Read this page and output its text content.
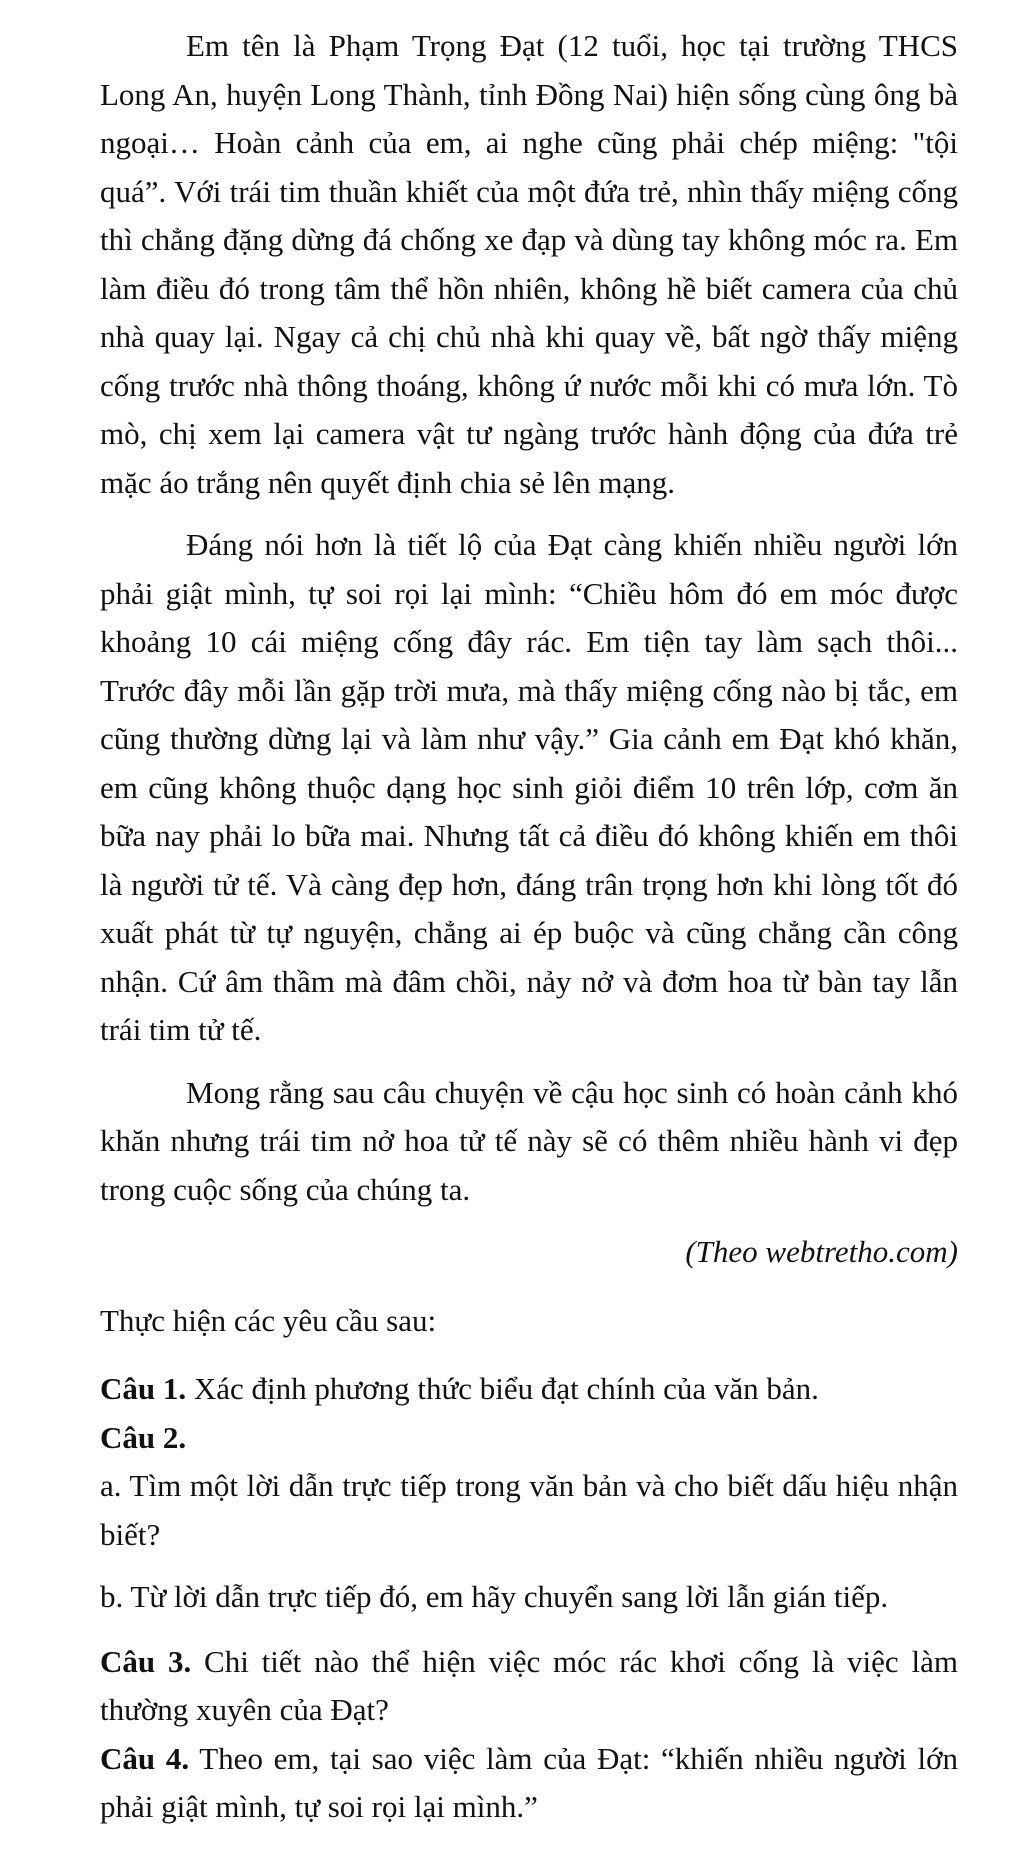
Em tên là Phạm Trọng Đạt (12 tuổi, học tại trường THCS Long An, huyện Long Thành, tỉnh Đồng Nai) hiện sống cùng ông bà ngoại… Hoàn cảnh của em, ai nghe cũng phải chép miệng: "tội quá”. Với trái tim thuần khiết của một đứa trẻ, nhìn thấy miệng cống thì chẳng đặng dừng đá chống xe đạp và dùng tay không móc ra. Em làm điều đó trong tâm thể hồn nhiên, không hề biết camera của chủ nhà quay lại. Ngay cả chị chủ nhà khi quay về, bất ngờ thấy miệng cống trước nhà thông thoáng, không ứ nước mỗi khi có mưa lớn. Tò mò, chị xem lại camera vật tư ngàng trước hành động của đứa trẻ mặc áo trắng nên quyết định chia sẻ lên mạng.

Đáng nói hơn là tiết lộ của Đạt càng khiến nhiều người lớn phải giật mình, tự soi rọi lại mình: “Chiều hôm đó em móc được khoảng 10 cái miệng cống đây rác. Em tiện tay làm sạch thôi... Trước đây mỗi lần gặp trời mưa, mà thấy miệng cống nào bị tắc, em cũng thường dừng lại và làm như vậy.” Gia cảnh em Đạt khó khăn, em cũng không thuộc dạng học sinh giỏi điểm 10 trên lớp, cơm ăn bữa nay phải lo bữa mai. Nhưng tất cả điều đó không khiến em thôi là người tử tế. Và càng đẹp hơn, đáng trân trọng hơn khi lòng tốt đó xuất phát từ tự nguyện, chẳng ai ép buộc và cũng chẳng cần công nhận. Cứ âm thầm mà đâm chồi, nảy nở và đơm hoa từ bàn tay lẫn trái tim tử tế.

Mong rằng sau câu chuyện về cậu học sinh có hoàn cảnh khó khăn nhưng trái tim nở hoa tử tế này sẽ có thêm nhiều hành vi đẹp trong cuộc sống của chúng ta.

(Theo webtretho.com)

Thực hiện các yêu cầu sau:

Câu 1. Xác định phương thức biểu đạt chính của văn bản.

Câu 2.

a. Tìm một lời dẫn trực tiếp trong văn bản và cho biết dấu hiệu nhận biết?

b. Từ lời dẫn trực tiếp đó, em hãy chuyển sang lời lẫn gián tiếp.

Câu 3. Chi tiết nào thể hiện việc móc rác khơi cống là việc làm thường xuyên của Đạt?

Câu 4. Theo em, tại sao việc làm của Đạt: “khiến nhiều người lớn phải giật mình, tự soi rọi lại mình.”
